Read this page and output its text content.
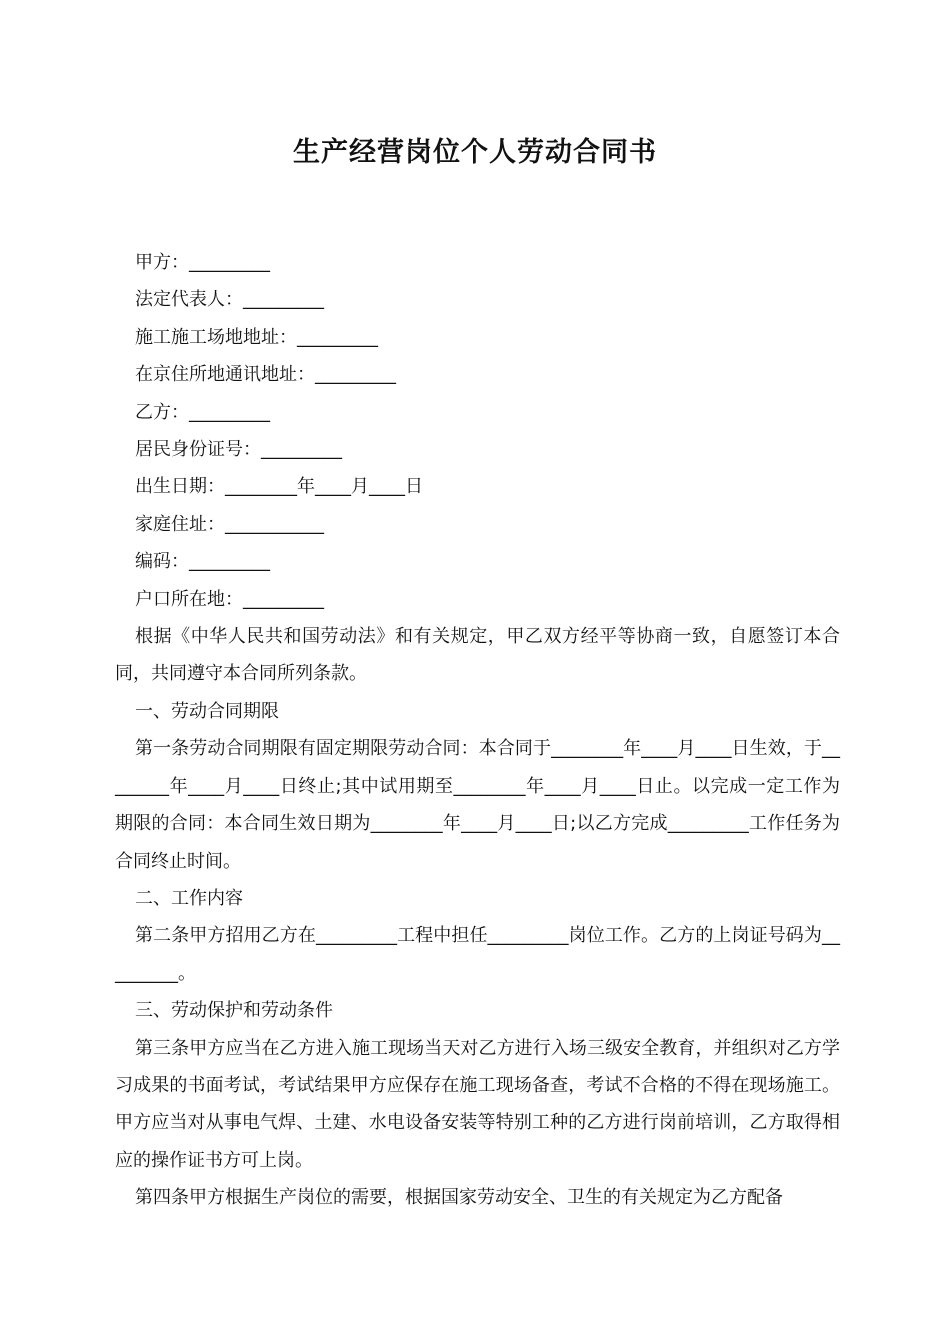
生产经营岗位个人劳动合同书

甲方：_________

法定代表人：_________

施工施工场地地址：_________

在京住所地通讯地址：_________

乙方：_________

居民身份证号：_________

出生日期：________年____月____日

家庭住址：___________

编码：_________

户口所在地：_________

根据《中华人民共和国劳动法》和有关规定，甲乙双方经平等协商一致，自愿签订本合同，共同遵守本合同所列条款。

一、劳动合同期限

第一条劳动合同期限有固定期限劳动合同：本合同于________年____月____日生效，于________年____月____日终止;其中试用期至________年____月____日止。以完成一定工作为期限的合同：本合同生效日期为________年____月____日;以乙方完成_________工作任务为合同终止时间。

二、工作内容

第二条甲方招用乙方在_________工程中担任_________岗位工作。乙方的上岗证号码为_________。

三、劳动保护和劳动条件

第三条甲方应当在乙方进入施工现场当天对乙方进行入场三级安全教育，并组织对乙方学习成果的书面考试，考试结果甲方应保存在施工现场备查，考试不合格的不得在现场施工。甲方应当对从事电气焊、土建、水电设备安装等特别工种的乙方进行岗前培训，乙方取得相应的操作证书方可上岗。

第四条甲方根据生产岗位的需要，根据国家劳动安全、卫生的有关规定为乙方配备
